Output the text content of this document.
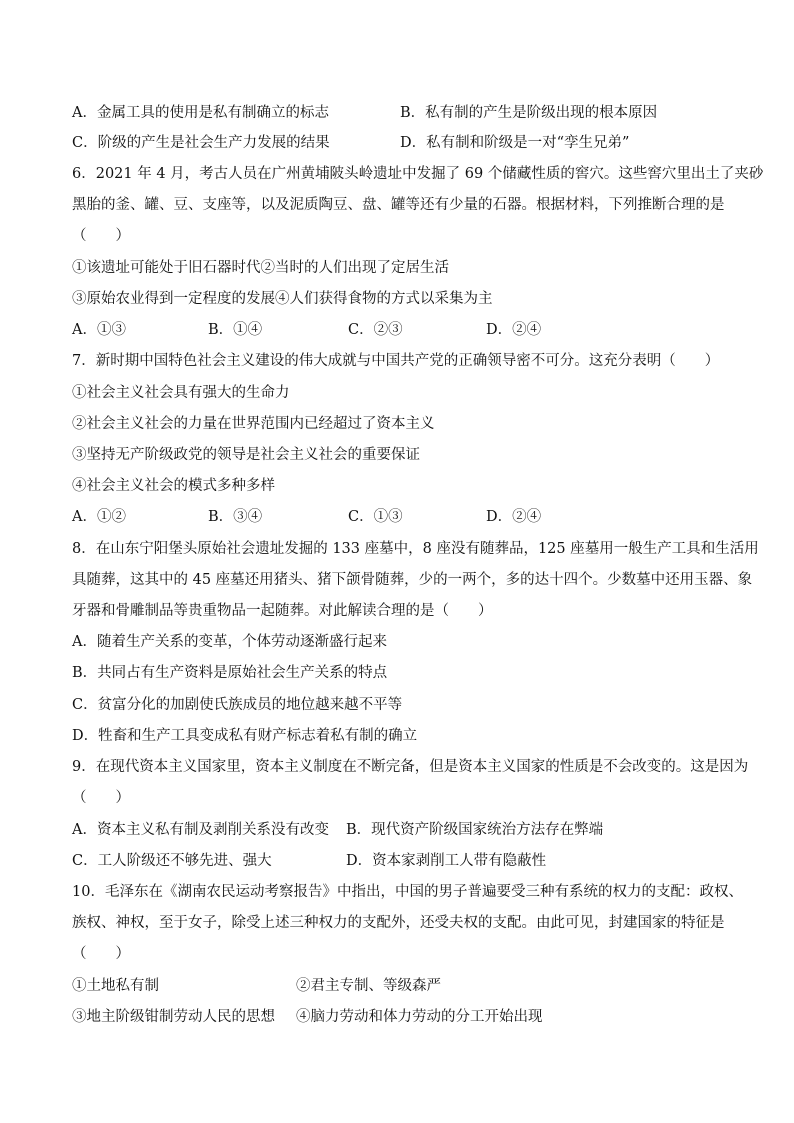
A．金属工具的使用是私有制确立的标志	B．私有制的产生是阶级出现的根本原因
C．阶级的产生是社会生产力发展的结果	D．私有制和阶级是一对“孪生兄弟”
6．2021 年 4 月，考古人员在广州黄埔陂头岭遗址中发掘了 69 个储藏性质的窖穴。这些窖穴里出土了夹砂
黑胎的釜、罐、豆、支座等，以及泥质陶豆、盘、罐等还有少量的石器。根据材料，下列推断合理的是
（　　）
①该遗址可能处于旧石器时代②当时的人们出现了定居生活
③原始农业得到一定程度的发展④人们获得食物的方式以采集为主
A．①③	B．①④	C．②③	D．②④
7．新时期中国特色社会主义建设的伟大成就与中国共产党的正确领导密不可分。这充分表明（　　）
①社会主义社会具有强大的生命力
②社会主义社会的力量在世界范围内已经超过了资本主义
③坚持无产阶级政党的领导是社会主义社会的重要保证
④社会主义社会的模式多种多样
A．①②	B．③④	C．①③	D．②④
8．在山东宁阳堡头原始社会遗址发掘的 133 座墓中，8 座没有随葬品，125 座墓用一般生产工具和生活用
具随葬，这其中的 45 座墓还用猪头、猪下颌骨随葬，少的一两个，多的达十四个。少数墓中还用玉器、象
牙器和骨雕制品等贵重物品一起随葬。对此解读合理的是（　　）
A．随着生产关系的变革，个体劳动逐渐盛行起来
B．共同占有生产资料是原始社会生产关系的特点
C．贫富分化的加剧使氏族成员的地位越来越不平等
D．牲畜和生产工具变成私有财产标志着私有制的确立
9．在现代资本主义国家里，资本主义制度在不断完备，但是资本主义国家的性质是不会改变的。这是因为
（　　）
A．资本主义私有制及剥削关系没有改变 B．现代资产阶级国家统治方法存在弊端
C．工人阶级还不够先进、强大	D．资本家剥削工人带有隐蔽性
10．毛泽东在《湖南农民运动考察报告》中指出，中国的男子普遍要受三种有系统的权力的支配：政权、
族权、神权，至于女子，除受上述三种权力的支配外，还受夫权的支配。由此可见，封建国家的特征是
（　　）
①土地私有制	②君主专制、等级森严
③地主阶级钳制劳动人民的思想 ④脑力劳动和体力劳动的分工开始出现
